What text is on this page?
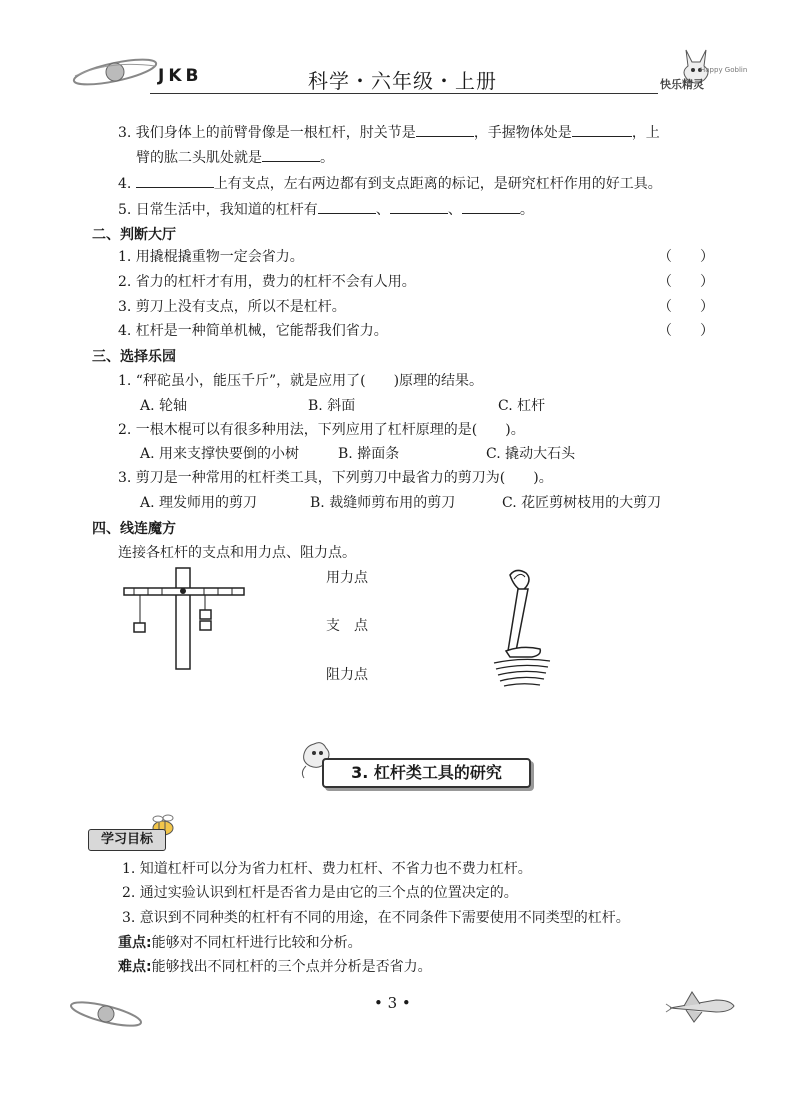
JKB	科学・六年级・上册	快乐精灵
Happy Goblin
3. 我们身体上的前臂骨像是一根杠杆，肘关节是	，手握物体处是	，上
臂的肱二头肌处就是	。
4.	上有支点，左右两边都有到支点距离的标记，是研究杠杆作用的好工具。
5. 日常生活中，我知道的杠杆有	、	、	。
二、判断大厅
1. 用撬棍撬重物一定会省力。	（　　）
2. 省力的杠杆才有用，费力的杠杆不会有人用。	（　　）
3. 剪刀上没有支点，所以不是杠杆。	（　　）
4. 杠杆是一种简单机械，它能帮我们省力。	（　　）
三、选择乐园
1. “秤砣虽小，能压千斤”，就是应用了(　　)原理的结果。
A. 轮轴	B. 斜面	C. 杠杆
2. 一根木棍可以有很多种用法，下列应用了杠杆原理的是(　　)。
A. 用来支撑快要倒的小树	B. 擀面条	C. 撬动大石头
3. 剪刀是一种常用的杠杆类工具，下列剪刀中最省力的剪刀为(　　)。
A. 理发师用的剪刀	B. 裁缝师剪布用的剪刀	C. 花匠剪树枝用的大剪刀
四、线连魔方
连接各杠杆的支点和用力点、阻力点。
用力点
支　点
阻力点
3. 杠杆类工具的研究
学习目标
1. 知道杠杆可以分为省力杠杆、费力杠杆、不省力也不费力杠杆。
2. 通过实验认识到杠杆是否省力是由它的三个点的位置决定的。
3. 意识到不同种类的杠杆有不同的用途，在不同条件下需要使用不同类型的杠杆。
重点:能够对不同杠杆进行比较和分析。
难点:能够找出不同杠杆的三个点并分析是否省力。
• 3 •
